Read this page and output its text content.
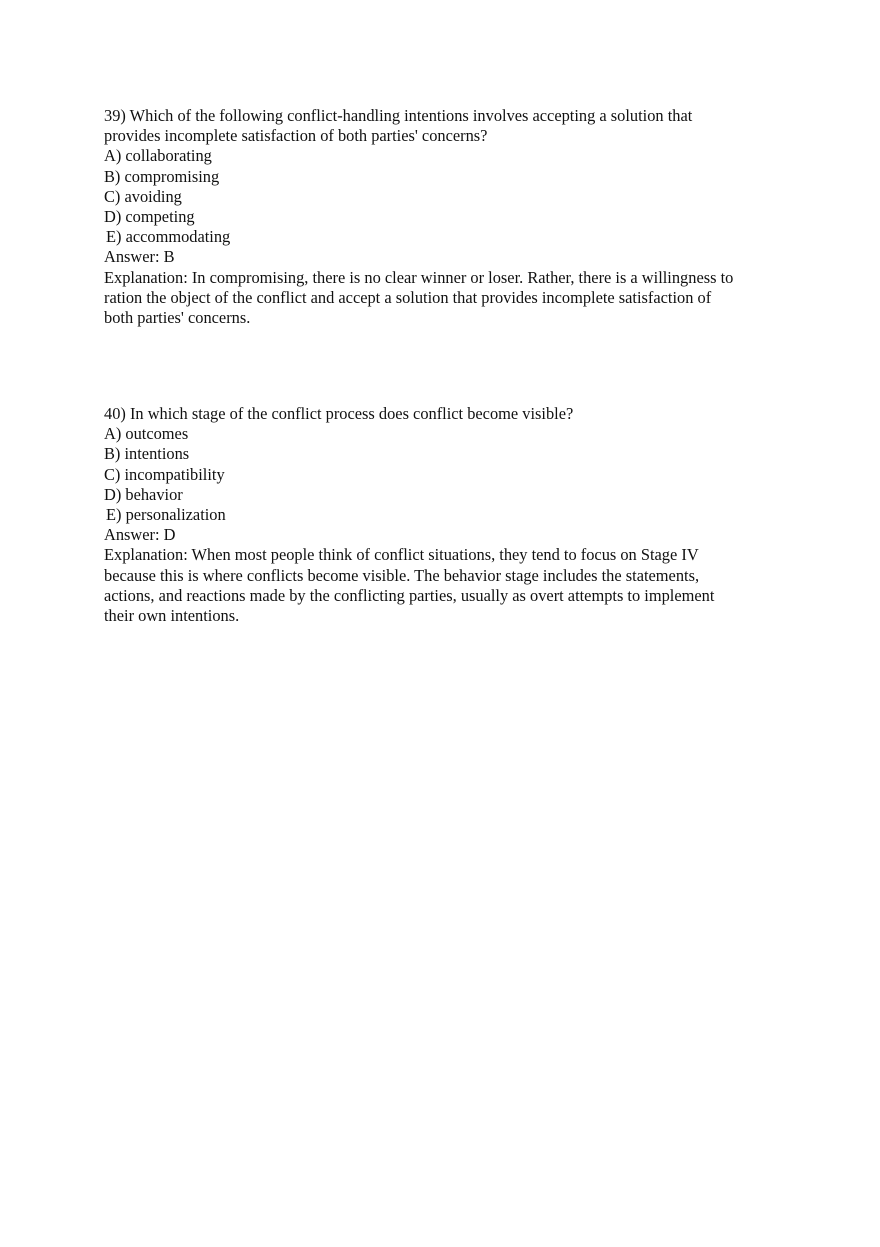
39) Which of the following conflict-handling intentions involves accepting a solution that
provides incomplete satisfaction of both parties' concerns?
A) collaborating
B) compromising
C) avoiding
D) competing
E) accommodating
Answer: B
Explanation: In compromising, there is no clear winner or loser. Rather, there is a willingness to
ration the object of the conflict and accept a solution that provides incomplete satisfaction of
both parties' concerns.
40) In which stage of the conflict process does conflict become visible?
A) outcomes
B) intentions
C) incompatibility
D) behavior
E) personalization
Answer: D
Explanation: When most people think of conflict situations, they tend to focus on Stage IV
because this is where conflicts become visible. The behavior stage includes the statements,
actions, and reactions made by the conflicting parties, usually as overt attempts to implement
their own intentions.
